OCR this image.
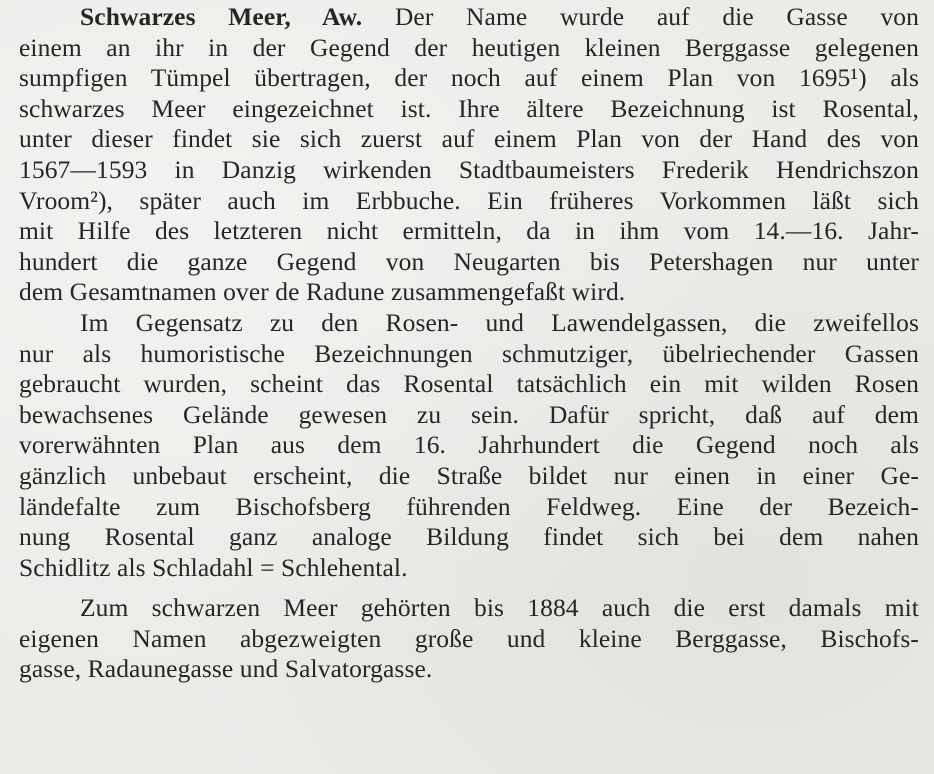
Schwarzes Meer, Aw. Der Name wurde auf die Gasse von
einem an ihr in der Gegend der heutigen kleinen Berggasse gelegenen
sumpfigen Tümpel übertragen, der noch auf einem Plan von 1695¹) als
schwarzes Meer eingezeichnet ist. Ihre ältere Bezeichnung ist Rosental,
unter dieser findet sie sich zuerst auf einem Plan von der Hand des von
1567—1593 in Danzig wirkenden Stadtbaumeisters Frederik Hendrichszon
Vroom²), später auch im Erbbuche. Ein früheres Vorkommen läßt sich
mit Hilfe des letzteren nicht ermitteln, da in ihm vom 14.—16. Jahr-
hundert die ganze Gegend von Neugarten bis Petershagen nur unter
dem Gesamtnamen over de Radune zusammengefaßt wird.
Im Gegensatz zu den Rosen- und Lawendelgassen, die zweifellos
nur als humoristische Bezeichnungen schmutziger, übelriechender Gassen
gebraucht wurden, scheint das Rosental tatsächlich ein mit wilden Rosen
bewachsenes Gelände gewesen zu sein. Dafür spricht, daß auf dem
vorerwähnten Plan aus dem 16. Jahrhundert die Gegend noch als
gänzlich unbebaut erscheint, die Straße bildet nur einen in einer Ge-
ländefalte zum Bischofsberg führenden Feldweg. Eine der Bezeich-
nung Rosental ganz analoge Bildung findet sich bei dem nahen
Schidlitz als Schladahl = Schlehental.
Zum schwarzen Meer gehörten bis 1884 auch die erst damals mit
eigenen Namen abgezweigten große und kleine Berggasse, Bischofs-
gasse, Radaunegasse und Salvatorgasse.
